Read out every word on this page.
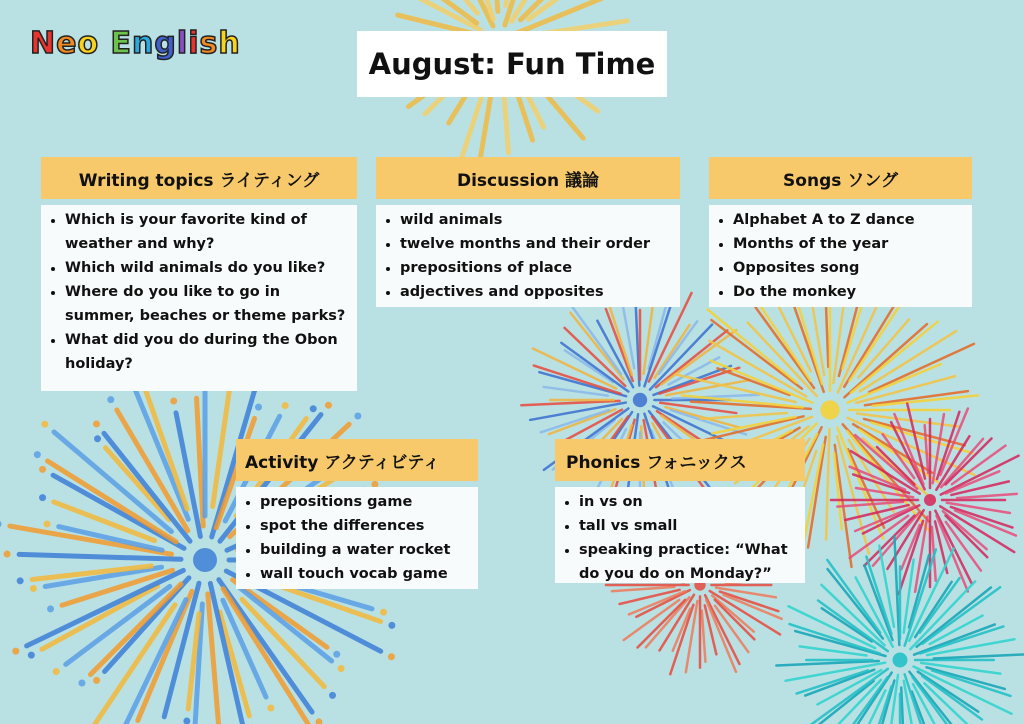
Neo English
August: Fun Time
Writing topics ライティング
• Which is your favorite kind of weather and why?
• Which wild animals do you like?
• Where do you like to go in summer, beaches or theme parks?
• What did you do during the Obon holiday?
Discussion 議論
• wild animals
• twelve months and their order
• prepositions of place
• adjectives and opposites
Songs ソング
• Alphabet A to Z dance
• Months of the year
• Opposites song
• Do the monkey
Activity アクティビティ
• prepositions game
• spot the differences
• building a water rocket
• wall touch vocab game
Phonics フォニックス
• in vs on
• tall vs small
• speaking practice: “What do you do on Monday?”
